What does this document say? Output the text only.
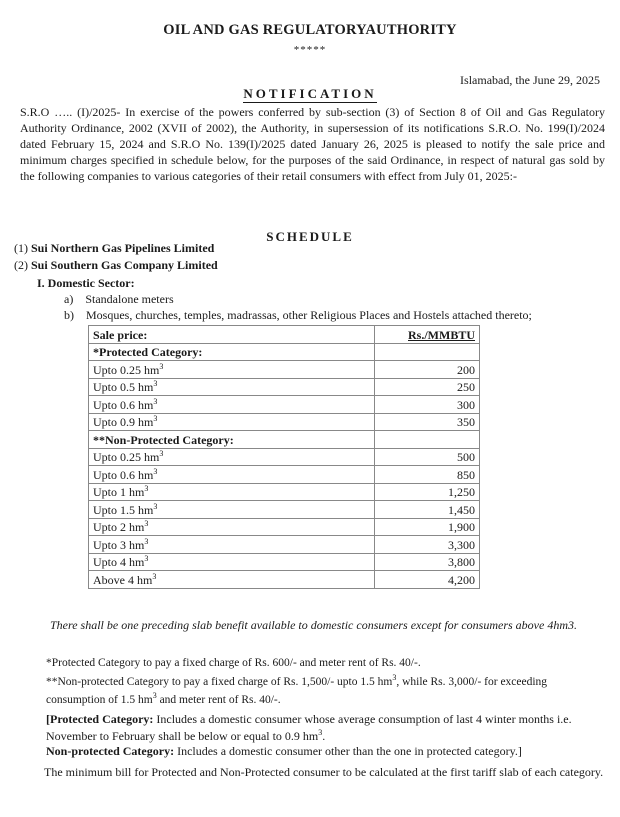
OIL AND GAS REGULATORYAUTHORITY
*****
Islamabad, the June 29, 2025
NOTIFICATION
S.R.O ….. (I)/2025- In exercise of the powers conferred by sub-section (3) of Section 8 of Oil and Gas Regulatory Authority Ordinance, 2002 (XVII of 2002), the Authority, in supersession of its notifications S.R.O. No. 199(I)/2024 dated February 15, 2024 and S.R.O No. 139(I)/2025 dated January 26, 2025 is pleased to notify the sale price and minimum charges specified in schedule below, for the purposes of the said Ordinance, in respect of natural gas sold by the following companies to various categories of their retail consumers with effect from July 01, 2025:-
SCHEDULE
(1) Sui Northern Gas Pipelines Limited
(2) Sui Southern Gas Company Limited
I. Domestic Sector:
a) Standalone meters
b) Mosques, churches, temples, madrassas, other Religious Places and Hostels attached thereto;
Sale price:	Rs./MMBTU
*Protected Category:	
Upto 0.25 $hm^3$	200
Upto 0.5 $hm^3$	250
Upto 0.6 $hm^3$	300
Upto 0.9 $hm^3$	350
**Non-Protected Category:	
Upto 0.25 $hm^3$	500
Upto 0.6 $hm^3$	850
Upto 1 $hm^3$	1,250
Upto 1.5 $hm^3$	1,450
Upto 2 $hm^3$	1,900
Upto 3 $hm^3$	3,300
Upto 4 $hm^3$	3,800
Above 4 $hm^3$	4,200
There shall be one preceding slab benefit available to domestic consumers except for consumers above 4hm3.
*Protected Category to pay a fixed charge of Rs. 600/- and meter rent of Rs. 40/-.
**Non-protected Category to pay a fixed charge of Rs. 1,500/- upto 1.5 $hm^3$, while Rs. 3,000/- for exceeding consumption of 1.5 $hm^3$ and meter rent of Rs. 40/-.
[Protected Category: Includes a domestic consumer whose average consumption of last 4 winter months i.e. November to February shall be below or equal to 0.9 $hm^3$.
Non-protected Category: Includes a domestic consumer other than the one in protected category.]
The minimum bill for Protected and Non-Protected consumer to be calculated at the first tariff slab of each category.
